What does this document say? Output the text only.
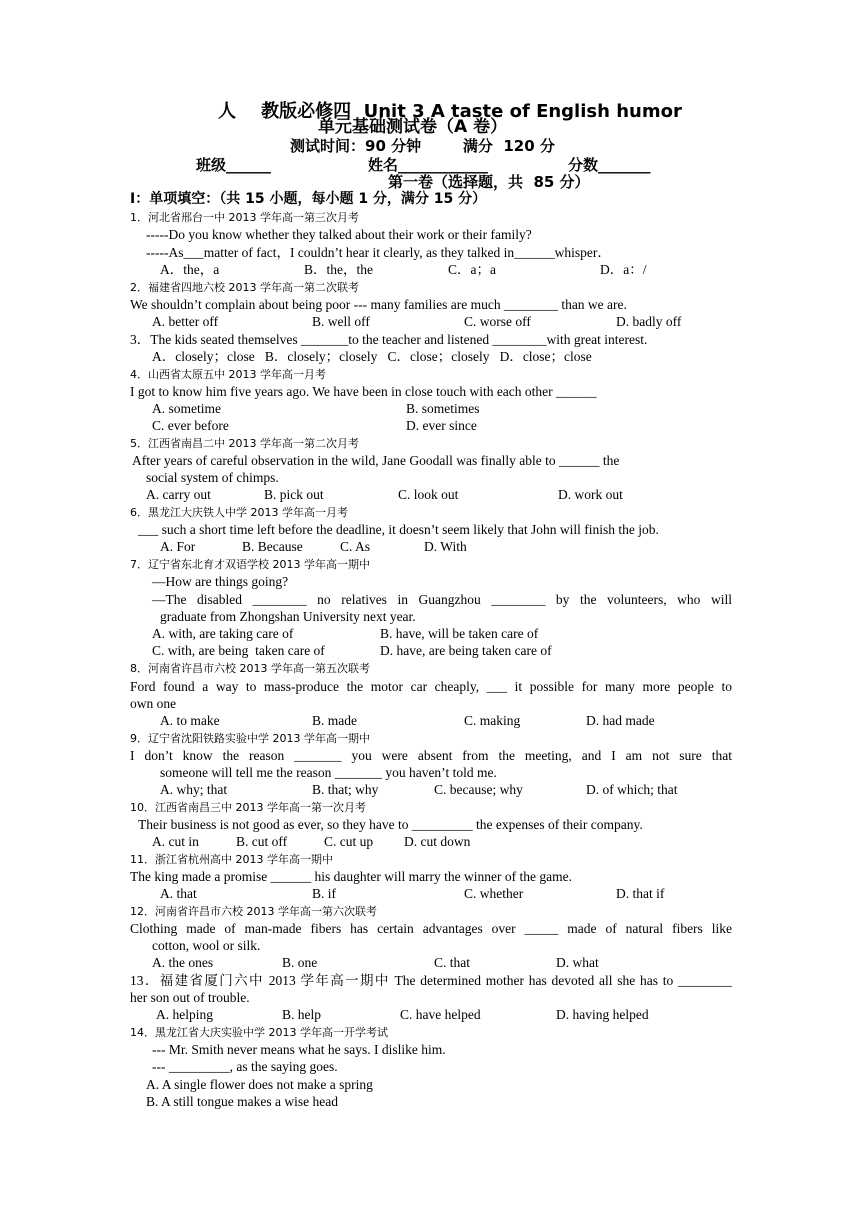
人    教版必修四  Unit 3 A taste of English humor
单元基础测试卷（A 卷）
测试时间：90 分钟        满分  120 分
班级______	姓名____________	分数_______
第一卷（选择题，共  85 分）
I：单项填空：（共 15 小题，每小题 1 分，满分 15 分）
1．河北省邢台一中 2013 学年高一第三次月考
-----Do you know whether they talked about their work or their family?
-----As___matter of fact，I couldn’t hear it clearly, as they talked in______whisper．
A．the，a	B．the，the	C．a；a	D．a：/
2．福建省四地六校 2013 学年高一第二次联考
We shouldn’t complain about being poor --- many families are much ________ than we are.
A. better off	B. well off	C. worse off	D. badly off
3．The kids seated themselves _______to the teacher and listened ________with great interest.
A．closely；close   B．closely；closely   C．close；closely   D．close；close
4．山西省太原五中 2013 学年高一月考
I got to know him five years ago. We have been in close touch with each other ______
A. sometime	B. sometimes
C. ever before	D. ever since
5．江西省南昌二中 2013 学年高一第二次月考
After years of careful observation in the wild, Jane Goodall was finally able to ______ the
social system of chimps.
A. carry out	B. pick out	C. look out	D. work out
6．黑龙江大庆铁人中学 2013 学年高一月考
___ such a short time left before the deadline, it doesn’t seem likely that John will finish the job.
A. For	B. Because	C. As	D. With
7．辽宁省东北育才双语学校 2013 学年高一期中
—How are things going?
—The disabled ________ no relatives in Guangzhou ________ by the volunteers, who will
graduate from Zhongshan University next year.
A. with, are taking care of	B. have, will be taken care of
C. with, are being  taken care of	D. have, are being taken care of
8．河南省许昌市六校 2013 学年高一第五次联考
Ford found a way to mass-produce the motor car cheaply, ___ it possible for many more people to
own one
A. to make	B. made	C. making	D. had made
9．辽宁省沈阳铁路实验中学 2013 学年高一期中
I don’t know the reason _______ you were absent from the meeting, and I am not sure that
someone will tell me the reason _______ you haven’t told me.
A. why; that	B. that; why	C. because; why	D. of which; that
10．江西省南昌三中 2013 学年高一第一次月考
Their business is not good as ever, so they have to _________ the expenses of their company.
A. cut in	B. cut off	C. cut up D. cut down
11．浙江省杭州高中 2013 学年高一期中
The king made a promise ______ his daughter will marry the winner of the game.
A. that	B. if	C. whether	D. that if
12．河南省许昌市六校 2013 学年高一第六次联考
Clothing made of man-made fibers has certain advantages over _____ made of natural fibers like
cotton, wool or silk.
A. the ones	B. one	C. that	D. what
13．福建省厦门六中 2013 学年高一期中 The determined mother has devoted all she has to ________
her son out of trouble.
A. helping	B. help	C. have helped	D. having helped
14．黑龙江省大庆实验中学 2013 学年高一开学考试
--- Mr. Smith never means what he says. I dislike him.
--- _________, as the saying goes.
A. A single flower does not make a spring
B. A still tongue makes a wise head
